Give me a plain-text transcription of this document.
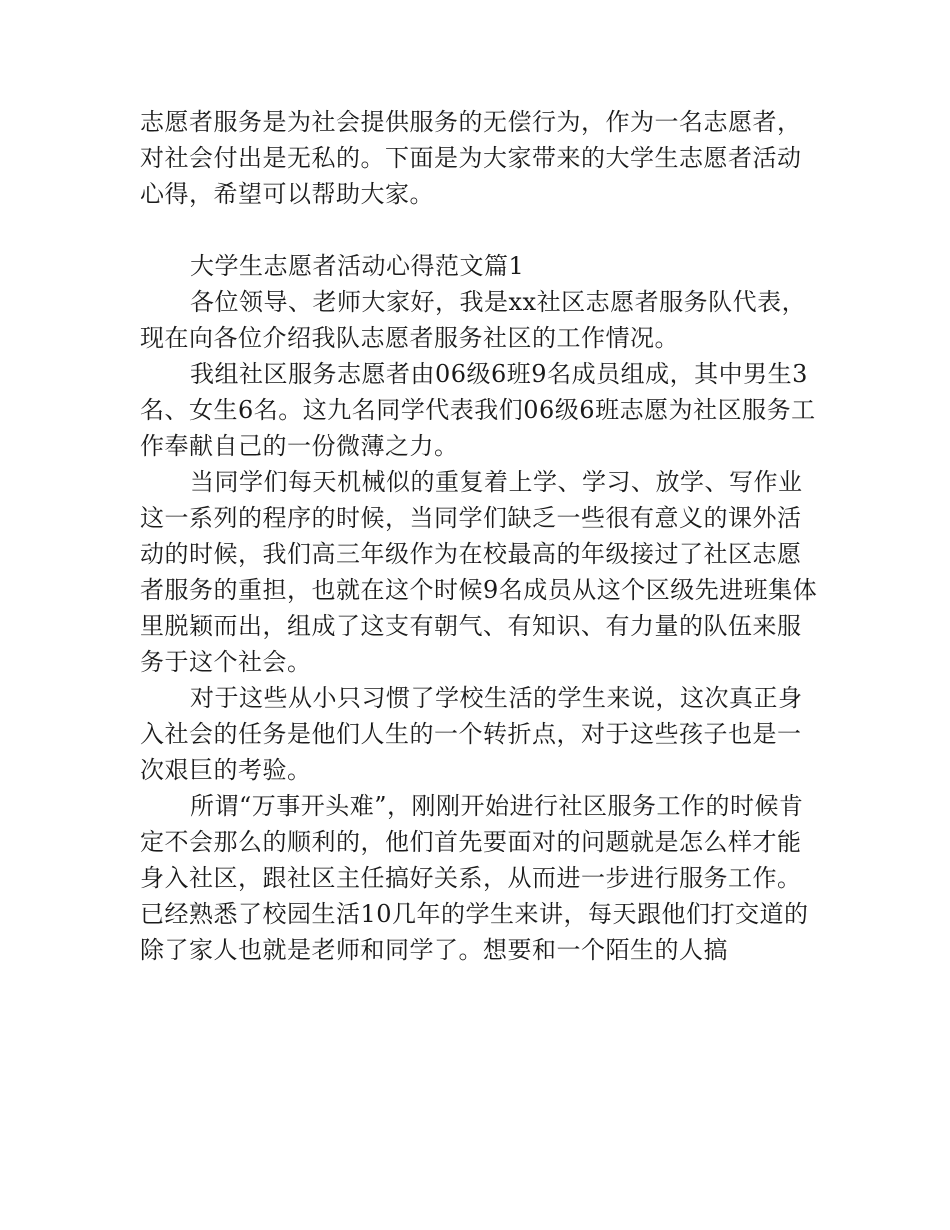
志愿者服务是为社会提供服务的无偿行为，作为一名志愿者，对社会付出是无私的。下面是为大家带来的大学生志愿者活动心得，希望可以帮助大家。

大学生志愿者活动心得范文篇1

各位领导、老师大家好，我是xx社区志愿者服务队代表，现在向各位介绍我队志愿者服务社区的工作情况。

我组社区服务志愿者由06级6班9名成员组成，其中男生3名、女生6名。这九名同学代表我们06级6班志愿为社区服务工作奉献自己的一份微薄之力。

当同学们每天机械似的重复着上学、学习、放学、写作业这一系列的程序的时候，当同学们缺乏一些很有意义的课外活动的时候，我们高三年级作为在校最高的年级接过了社区志愿者服务的重担，也就在这个时候9名成员从这个区级先进班集体里脱颖而出，组成了这支有朝气、有知识、有力量的队伍来服务于这个社会。

对于这些从小只习惯了学校生活的学生来说，这次真正身入社会的任务是他们人生的一个转折点，对于这些孩子也是一次艰巨的考验。

所谓“万事开头难”，刚刚开始进行社区服务工作的时候肯定不会那么的顺利的，他们首先要面对的问题就是怎么样才能身入社区，跟社区主任搞好关系，从而进一步进行服务工作。已经熟悉了校园生活10几年的学生来讲，每天跟他们打交道的除了家人也就是老师和同学了。想要和一个陌生的人搞
